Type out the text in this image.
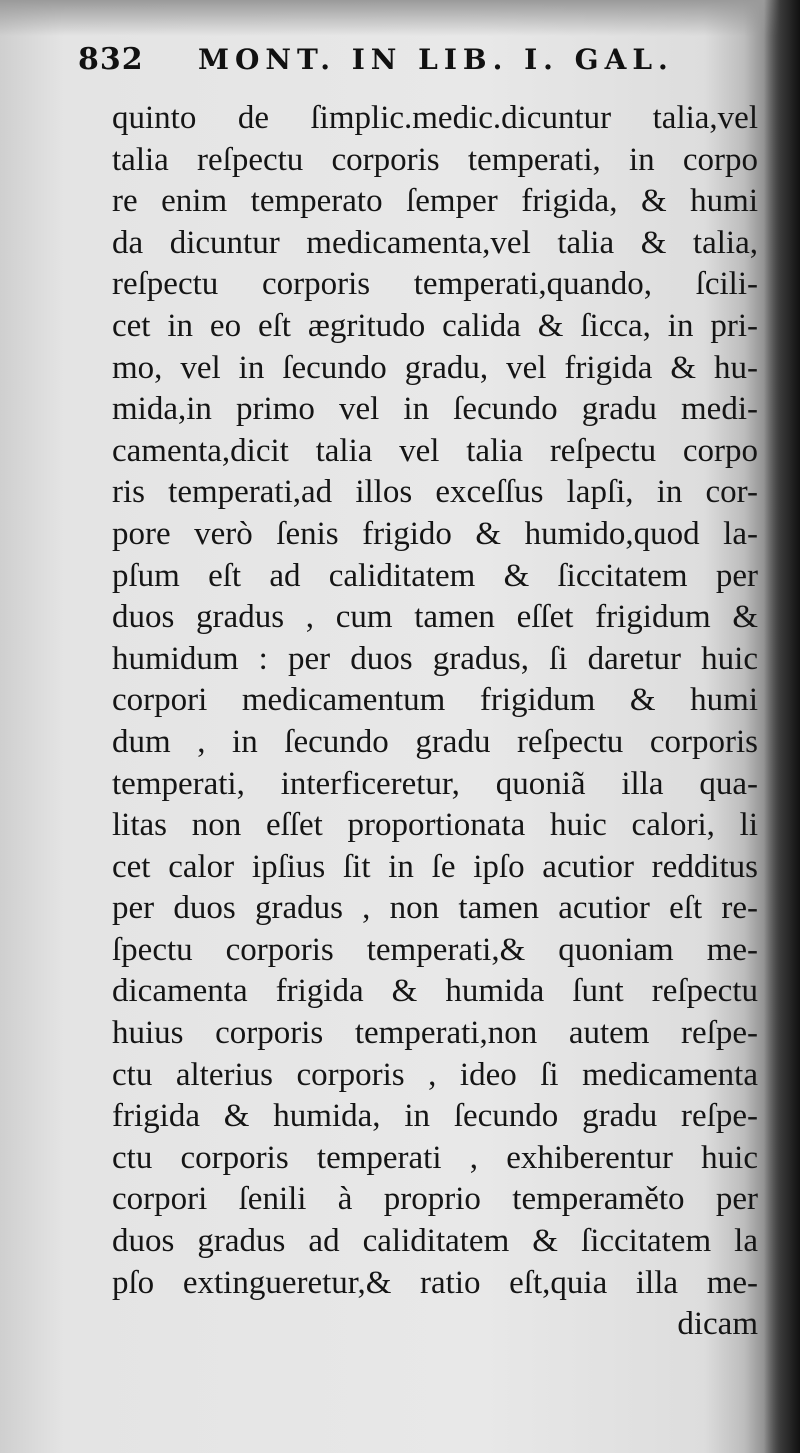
832	MONT. IN LIB. I. GAL.
quinto de ſimplic.medic.dicuntur talia,vel
talia reſpectu corporis temperati, in corpo
re enim temperato ſemper frigida, & humi
da dicuntur medicamenta,vel talia & talia,
reſpectu corporis temperati,quando, ſcili-
cet in eo eſt ægritudo calida & ſicca, in pri-
mo, vel in ſecundo gradu, vel frigida & hu-
mida,in primo vel in ſecundo gradu medi-
camenta,dicit talia vel talia reſpectu corpo
ris temperati,ad illos exceſſus lapſi, in cor-
pore verò ſenis frigido & humido,quod la-
pſum eſt ad caliditatem & ſiccitatem per
duos gradus , cum tamen eſſet frigidum &
humidum : per duos gradus, ſi daretur huic
corpori medicamentum frigidum & humi
dum , in ſecundo gradu reſpectu corporis
temperati, interficeretur, quoniã illa qua-
litas non eſſet proportionata huic calori, li
cet calor ipſius ſit in ſe ipſo acutior redditus
per duos gradus , non tamen acutior eſt re-
ſpectu corporis temperati,& quoniam me-
dicamenta frigida & humida ſunt reſpectu
huius corporis temperati,non autem reſpe-
ctu alterius corporis , ideo ſi medicamenta
frigida & humida, in ſecundo gradu reſpe-
ctu corporis temperati , exhiberentur huic
corpori ſenili à proprio temperaměto per
duos gradus ad caliditatem & ſiccitatem la
pſo extingueretur,& ratio eſt,quia illa me-
dicam
